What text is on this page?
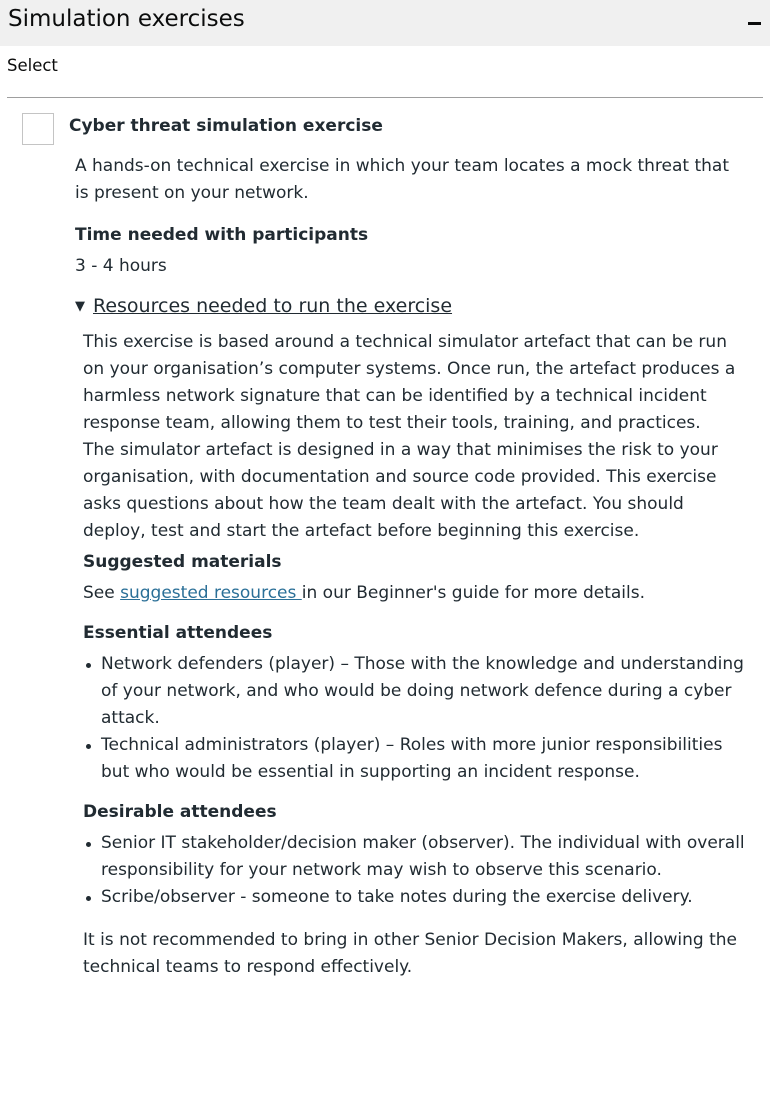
Simulation exercises
Select
Cyber threat simulation exercise

A hands-on technical exercise in which your team locates a mock threat that is present on your network.

Time needed with participants

3 - 4 hours

▼ Resources needed to run the exercise

This exercise is based around a technical simulator artefact that can be run on your organisation’s computer systems. Once run, the artefact produces a harmless network signature that can be identified by a technical incident response team, allowing them to test their tools, training, and practices.

The simulator artefact is designed in a way that minimises the risk to your organisation, with documentation and source code provided. This exercise asks questions about how the team dealt with the artefact. You should deploy, test and start the artefact before beginning this exercise.

Suggested materials

See suggested resources in our Beginner's guide for more details.

Essential attendees

Network defenders (player) – Those with the knowledge and understanding of your network, and who would be doing network defence during a cyber attack.
Technical administrators (player) – Roles with more junior responsibilities but who would be essential in supporting an incident response.

Desirable attendees

Senior IT stakeholder/decision maker (observer). The individual with overall responsibility for your network may wish to observe this scenario.
Scribe/observer - someone to take notes during the exercise delivery.

It is not recommended to bring in other Senior Decision Makers, allowing the technical teams to respond effectively.
